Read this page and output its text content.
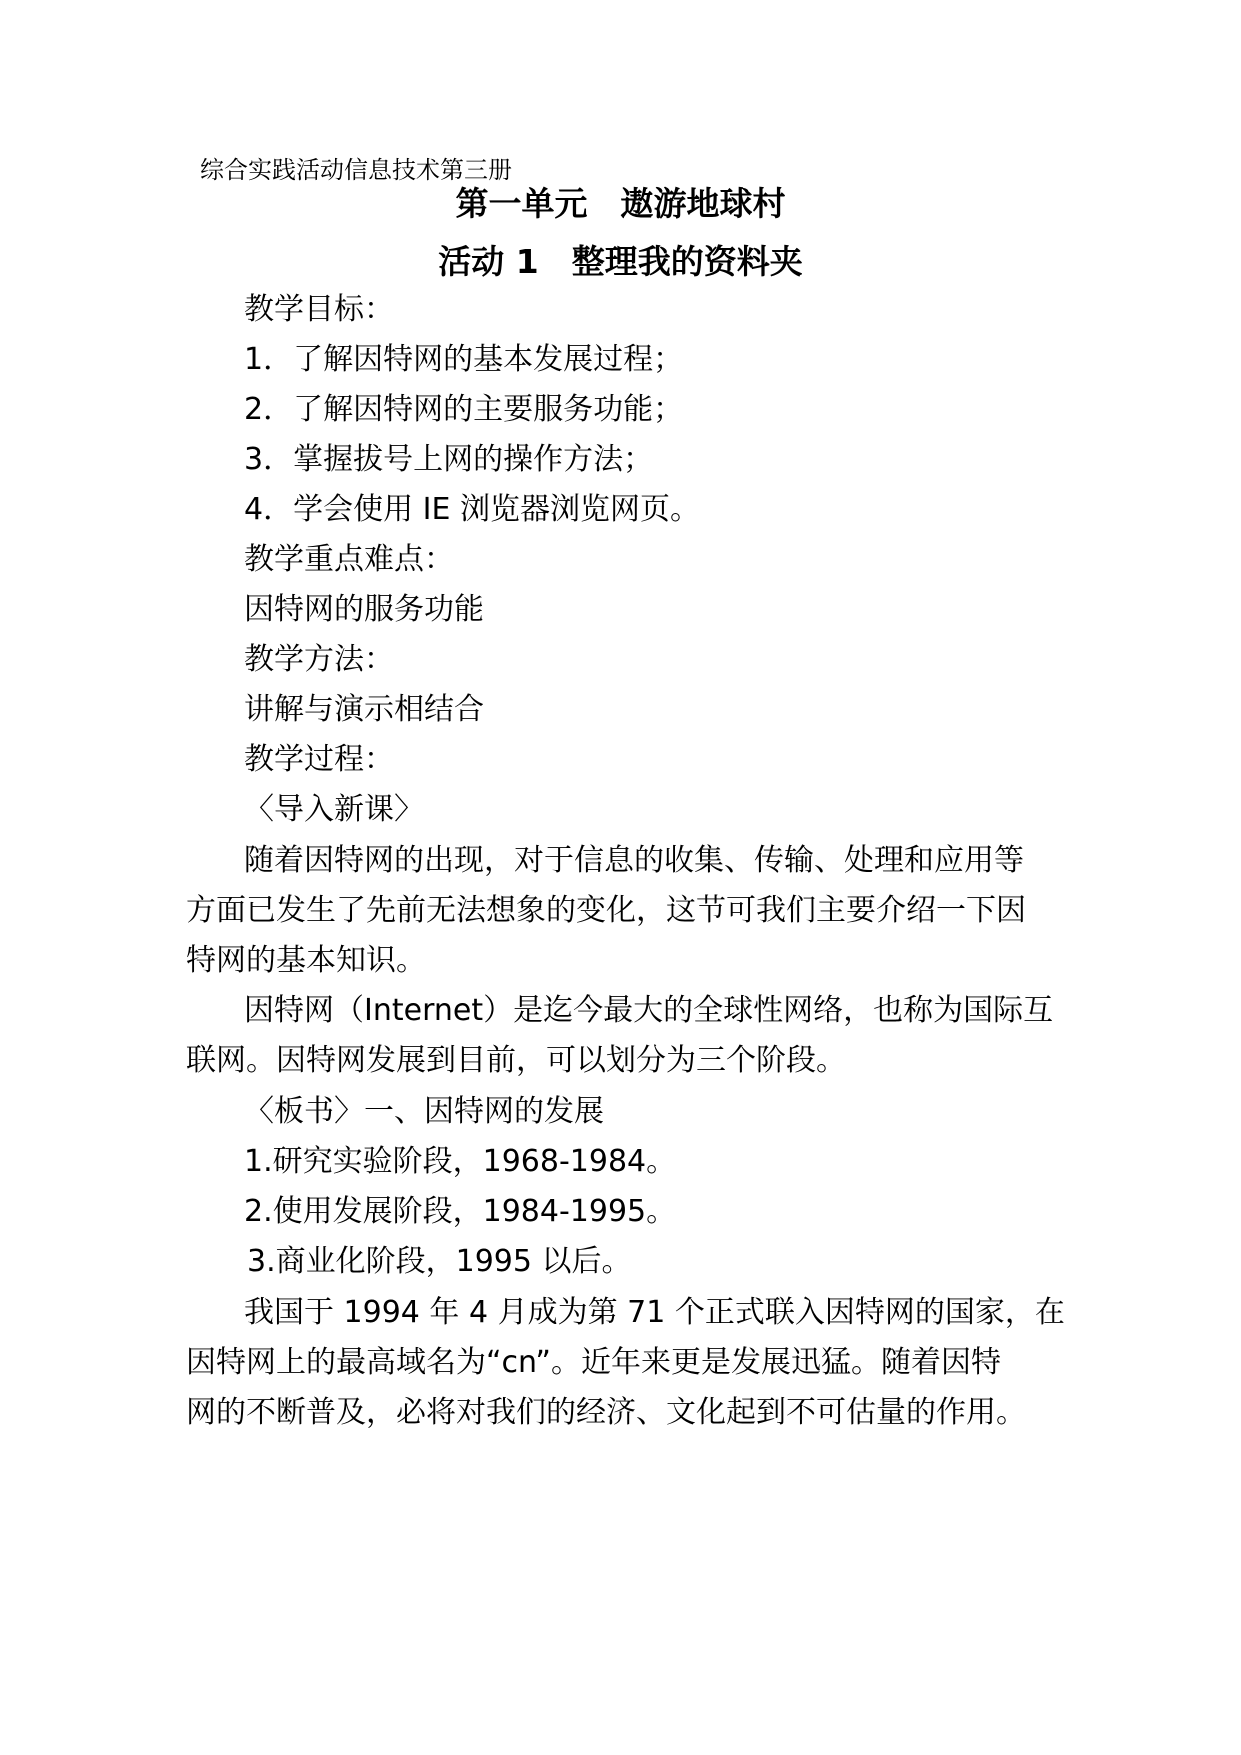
综合实践活动信息技术第三册
第一单元　遨游地球村
活动 1　整理我的资料夹
教学目标：
1．了解因特网的基本发展过程；
2．了解因特网的主要服务功能；
3．掌握拔号上网的操作方法；
4．学会使用 IE 浏览器浏览网页。
教学重点难点：
因特网的服务功能
教学方法：
讲解与演示相结合
教学过程：
〈导入新课〉
随着因特网的出现，对于信息的收集、传输、处理和应用等
方面已发生了先前无法想象的变化，这节可我们主要介绍一下因
特网的基本知识。
因特网（Internet）是迄今最大的全球性网络，也称为国际互
联网。因特网发展到目前，可以划分为三个阶段。
〈板书〉一、因特网的发展
1.研究实验阶段，1968-1984。
2.使用发展阶段，1984-1995。
3.商业化阶段，1995 以后。
我国于 1994 年 4 月成为第 71 个正式联入因特网的国家，在
因特网上的最高域名为“cn”。近年来更是发展迅猛。随着因特
网的不断普及，必将对我们的经济、文化起到不可估量的作用。
